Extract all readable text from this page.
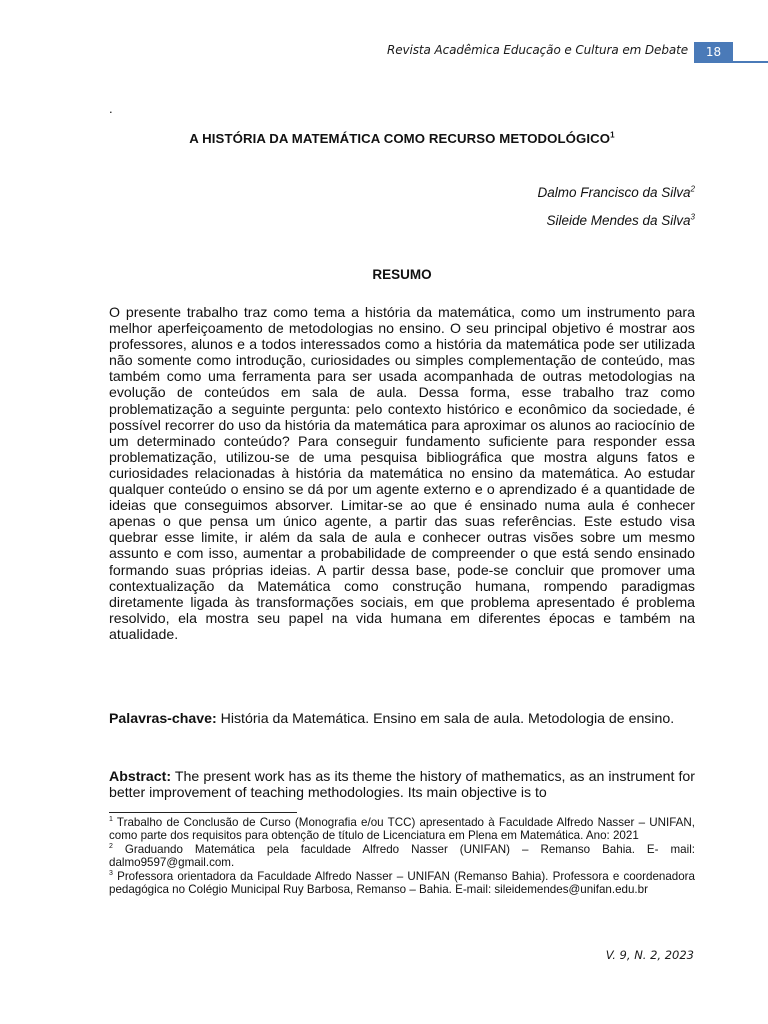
Revista Acadêmica Educação e Cultura em Debate	18
.
A HISTÓRIA DA MATEMÁTICA COMO RECURSO METODOLÓGICO$^1$
Dalmo Francisco da Silva$^2$
Sileide Mendes da Silva$^3$
RESUMO

O presente trabalho traz como tema a história da matemática, como um instrumento para melhor aperfeiçoamento de metodologias no ensino. O seu principal objetivo é mostrar aos professores, alunos e a todos interessados como a história da matemática pode ser utilizada não somente como introdução, curiosidades ou simples complementação de conteúdo, mas também como uma ferramenta para ser usada acompanhada de outras metodologias na evolução de conteúdos em sala de aula. Dessa forma, esse trabalho traz como problematização a seguinte pergunta: pelo contexto histórico e econômico da sociedade, é possível recorrer do uso da história da matemática para aproximar os alunos ao raciocínio de um determinado conteúdo? Para conseguir fundamento suficiente para responder essa problematização, utilizou-se de uma pesquisa bibliográfica que mostra alguns fatos e curiosidades relacionadas à história da matemática no ensino da matemática. Ao estudar qualquer conteúdo o ensino se dá por um agente externo e o aprendizado é a quantidade de ideias que conseguimos absorver. Limitar-se ao que é ensinado numa aula é conhecer apenas o que pensa um único agente, a partir das suas referências. Este estudo visa quebrar esse limite, ir além da sala de aula e conhecer outras visões sobre um mesmo assunto e com isso, aumentar a probabilidade de compreender o que está sendo ensinado formando suas próprias ideias. A partir dessa base, pode-se concluir que promover uma contextualização da Matemática como construção humana, rompendo paradigmas diretamente ligada às transformações sociais, em que problema apresentado é problema resolvido, ela mostra seu papel na vida humana em diferentes épocas e também na atualidade.

Palavras-chave: História da Matemática. Ensino em sala de aula. Metodologia de ensino.

Abstract: The present work has as its theme the history of mathematics, as an instrument for better improvement of teaching methodologies. Its main objective is to

$^1$ Trabalho de Conclusão de Curso (Monografia e/ou TCC) apresentado à Faculdade Alfredo Nasser – UNIFAN, como parte dos requisitos para obtenção de título de Licenciatura em Plena em Matemática. Ano: 2021

$^2$ Graduando Matemática pela faculdade Alfredo Nasser (UNIFAN) – Remanso Bahia. E- mail: dalmo9597@gmail.com.

$^3$ Professora orientadora da Faculdade Alfredo Nasser – UNIFAN (Remanso Bahia). Professora e coordenadora pedagógica no Colégio Municipal Ruy Barbosa, Remanso – Bahia. E-mail: sileidemendes@unifan.edu.br

V. 9, N. 2, 2023
